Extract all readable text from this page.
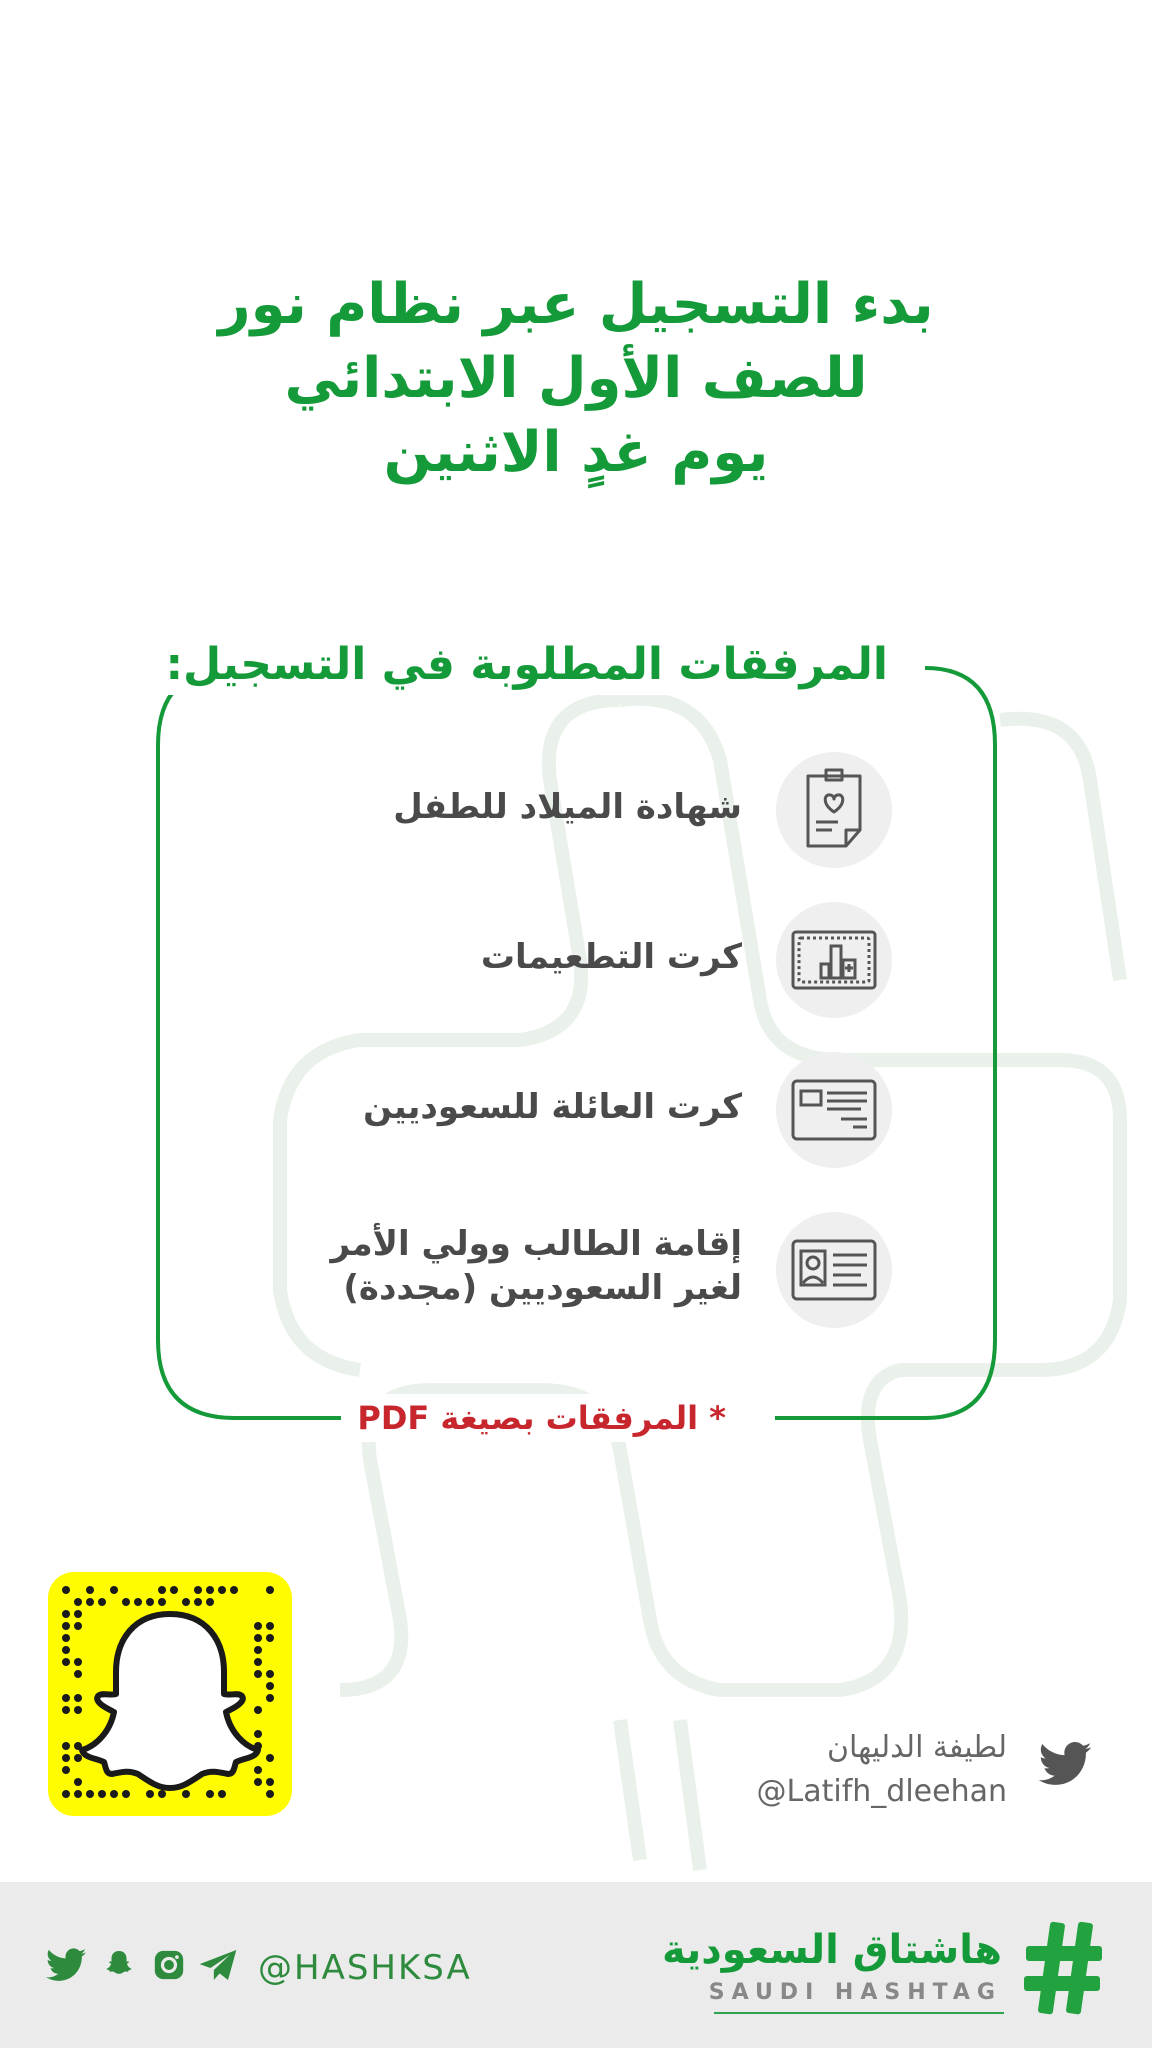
بدء التسجيل عبر نظام نور
للصف الأول الابتدائي
يوم غدٍ الاثنين
المرفقات المطلوبة في التسجيل:
شهادة الميلاد للطفل
كرت التطعيمات
كرت العائلة للسعوديين
إقامة الطالب وولي الأمر
لغير السعوديين (مجددة)
* المرفقات بصيغة PDF
لطيفة الدليهان
@Latifh_dleehan
@HASHKSA	هاشتاق السعودية
SAUDI HASHTAG
